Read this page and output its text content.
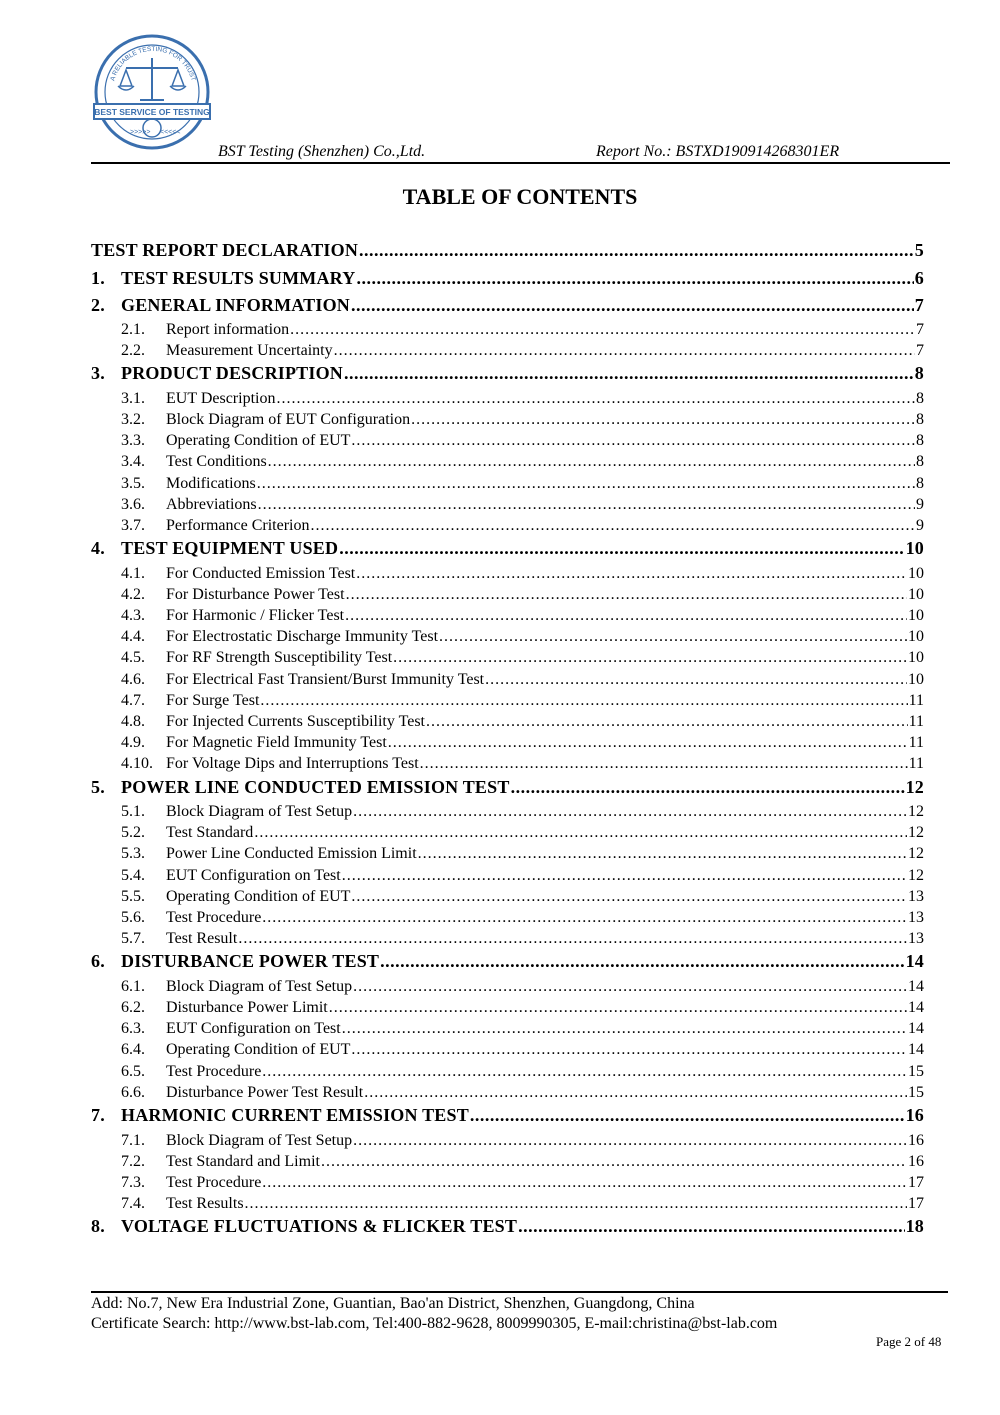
BEST SERVICE OF TESTING
A RELIABLE TESTING FOR TRUST
>>>>> <<<<<
BST Testing (Shenzhen) Co.,Ltd.	Report No.: BSTXD190914268301ER
TABLE OF CONTENTS
TEST REPORT DECLARATION .....	5
1. TEST RESULTS SUMMARY .....	6
2. GENERAL INFORMATION .....	7
2.1.	Report information .....	7
2.2.	Measurement Uncertainty .....	7
3. PRODUCT DESCRIPTION .....	8
3.1.	EUT Description .....	8
3.2.	Block Diagram of EUT Configuration .....	8
3.3.	Operating Condition of EUT .....	8
3.4.	Test Conditions .....	8
3.5.	Modifications .....	8
3.6.	Abbreviations .....	9
3.7.	Performance Criterion .....	9
4. TEST EQUIPMENT USED .....	10
4.1.	For Conducted Emission Test .....	10
4.2.	For Disturbance Power Test .....	10
4.3.	For Harmonic / Flicker Test .....	10
4.4.	For Electrostatic Discharge Immunity Test .....	10
4.5.	For RF Strength Susceptibility Test .....	10
4.6.	For Electrical Fast Transient/Burst Immunity Test .....	10
4.7.	For Surge Test .....	11
4.8.	For Injected Currents Susceptibility Test .....	11
4.9.	For Magnetic Field Immunity Test .....	11
4.10. For Voltage Dips and Interruptions Test .....	11
5. POWER LINE CONDUCTED EMISSION TEST .....	12
5.1.	Block Diagram of Test Setup .....	12
5.2.	Test Standard .....	12
5.3.	Power Line Conducted Emission Limit .....	12
5.4.	EUT Configuration on Test .....	12
5.5.	Operating Condition of EUT .....	13
5.6.	Test Procedure .....	13
5.7.	Test Result .....	13
6. DISTURBANCE POWER TEST .....	14
6.1.	Block Diagram of Test Setup .....	14
6.2.	Disturbance Power Limit .....	14
6.3.	EUT Configuration on Test .....	14
6.4.	Operating Condition of EUT .....	14
6.5.	Test Procedure .....	15
6.6.	Disturbance Power Test Result .....	15
7. HARMONIC CURRENT EMISSION TEST .....	16
7.1.	Block Diagram of Test Setup .....	16
7.2.	Test Standard and Limit .....	16
7.3.	Test Procedure .....	17
7.4.	Test Results .....	17
8. VOLTAGE FLUCTUATIONS & FLICKER TEST .....	18
Add: No.7, New Era Industrial Zone, Guantian, Bao'an District, Shenzhen, Guangdong, China
Certificate Search: http://www.bst-lab.com, Tel:400-882-9628, 8009990305, E-mail:christina@bst-lab.com
Page 2 of 48
